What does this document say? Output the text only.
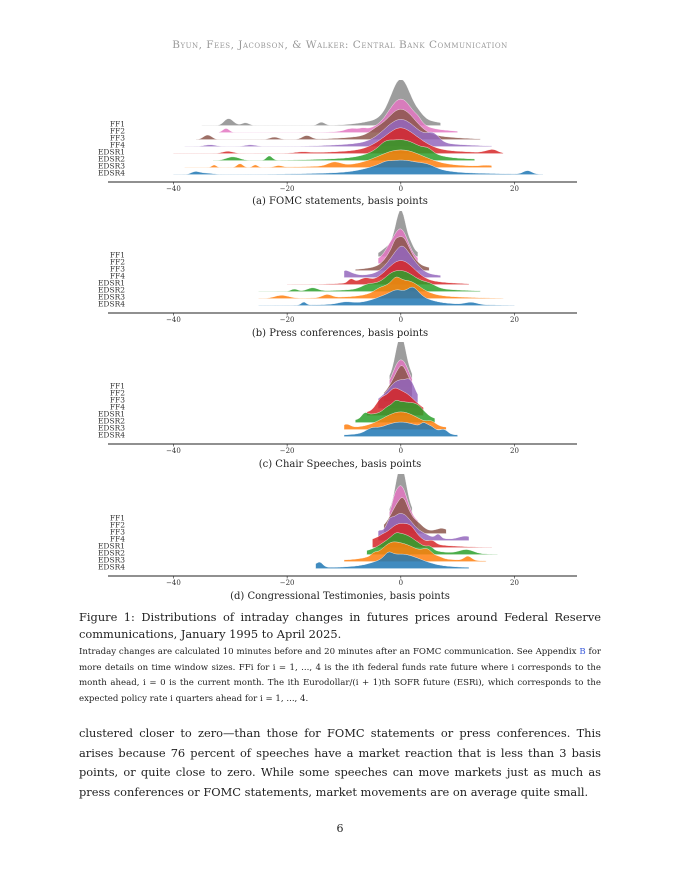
Byun, Fees, Jacobson, & Walker: Central Bank Communication
FF1
FF2
FF3
FF4
EDSR1
EDSR2
EDSR3
EDSR4
−40	−20	0	20
(a) FOMC statements, basis points
FF1
FF2
FF3
FF4
EDSR1
EDSR2
EDSR3
EDSR4
−40	−20	0	20
(b) Press conferences, basis points
FF1
FF2
FF3
FF4
EDSR1
EDSR2
EDSR3
EDSR4
−40	−20	0	20
(c) Chair Speeches, basis points
FF1
FF2
FF3
FF4
EDSR1
EDSR2
EDSR3
EDSR4
−40	−20	0	20
(d) Congressional Testimonies, basis points
Figure 1: Distributions of intraday changes in futures prices around Federal Reserve communications, January 1995 to April 2025.
Intraday changes are calculated 10 minutes before and 20 minutes after an FOMC communication. See Appendix B for more details on time window sizes. FFi for i = 1, ..., 4 is the ith federal funds rate future where i corresponds to the month ahead, i = 0 is the current month. The ith Eurodollar/(i + 1)th SOFR future (ESRi), which corresponds to the expected policy rate i quarters ahead for i = 1, ..., 4.
clustered closer to zero—than those for FOMC statements or press conferences. This arises because 76 percent of speeches have a market reaction that is less than 3 basis points, or quite close to zero. While some speeches can move markets just as much as press conferences or FOMC statements, market movements are on average quite small.
6
